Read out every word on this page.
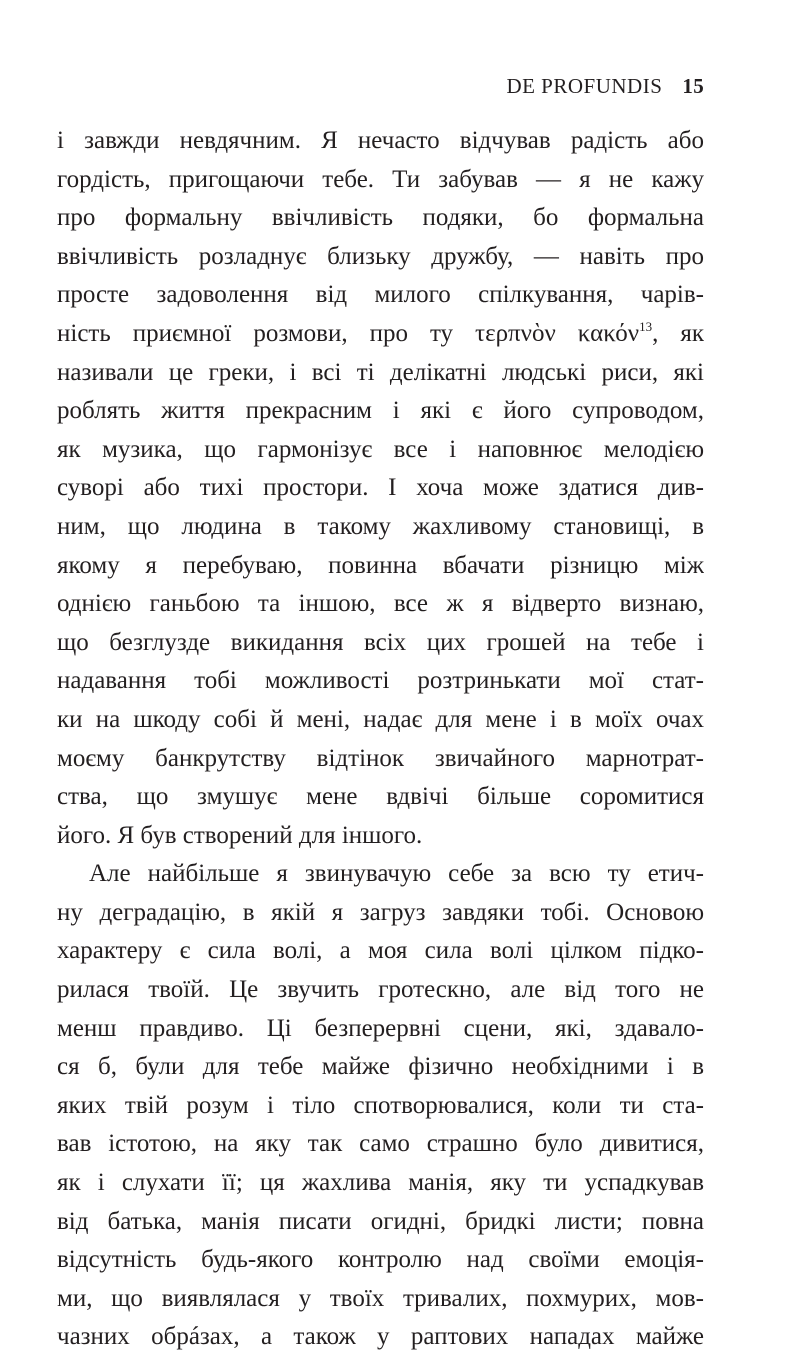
DE PROFUNDIS 15
і завжди невдячним. Я нечасто відчував радість або
гордість, пригощаючи тебе. Ти забував — я не кажу
про формальну ввічливість подяки, бо формальна
ввічливість розладнує близьку дружбу, — навіть про
просте задоволення від милого спілкування, чарів-
ність приємної розмови, про ту τερπνὸν κακόν$^{13}$, як
називали це греки, і всі ті делікатні людські риси, які
роблять життя прекрасним і які є його супроводом,
як музика, що гармонізує все і наповнює мелодією
суворі або тихі простори. І хоча може здатися див-
ним, що людина в такому жахливому становищі, в
якому я перебуваю, повинна вбачати різницю між
однією ганьбою та іншою, все ж я відверто визнаю,
що безглузде викидання всіх цих грошей на тебе і
надавання тобі можливості розтринькати мої стат-
ки на шкоду собі й мені, надає для мене і в моїх очах
моєму банкрутству відтінок звичайного марнотрат-
ства, що змушує мене вдвічі більше соромитися
його. Я був створений для іншого.
Але найбільше я звинувачую себе за всю ту етич-
ну деградацію, в якій я загруз завдяки тобі. Основою
характеру є сила волі, а моя сила волі цілком підко-
рилася твоїй. Це звучить гротескно, але від того не
менш правдиво. Ці безперервні сцени, які, здавало-
ся б, були для тебе майже фізично необхідними і в
яких твій розум і тіло спотворювалися, коли ти ста-
вав істотою, на яку так само страшно було дивитися,
як і слухати її; ця жахлива манія, яку ти успадкував
від батька, манія писати огидні, бридкі листи; повна
відсутність будь-якого контролю над своїми емоція-
ми, що виявлялася у твоїх тривалих, похмурих, мов-
чазних обрáзах, а також у раптових нападах майже
